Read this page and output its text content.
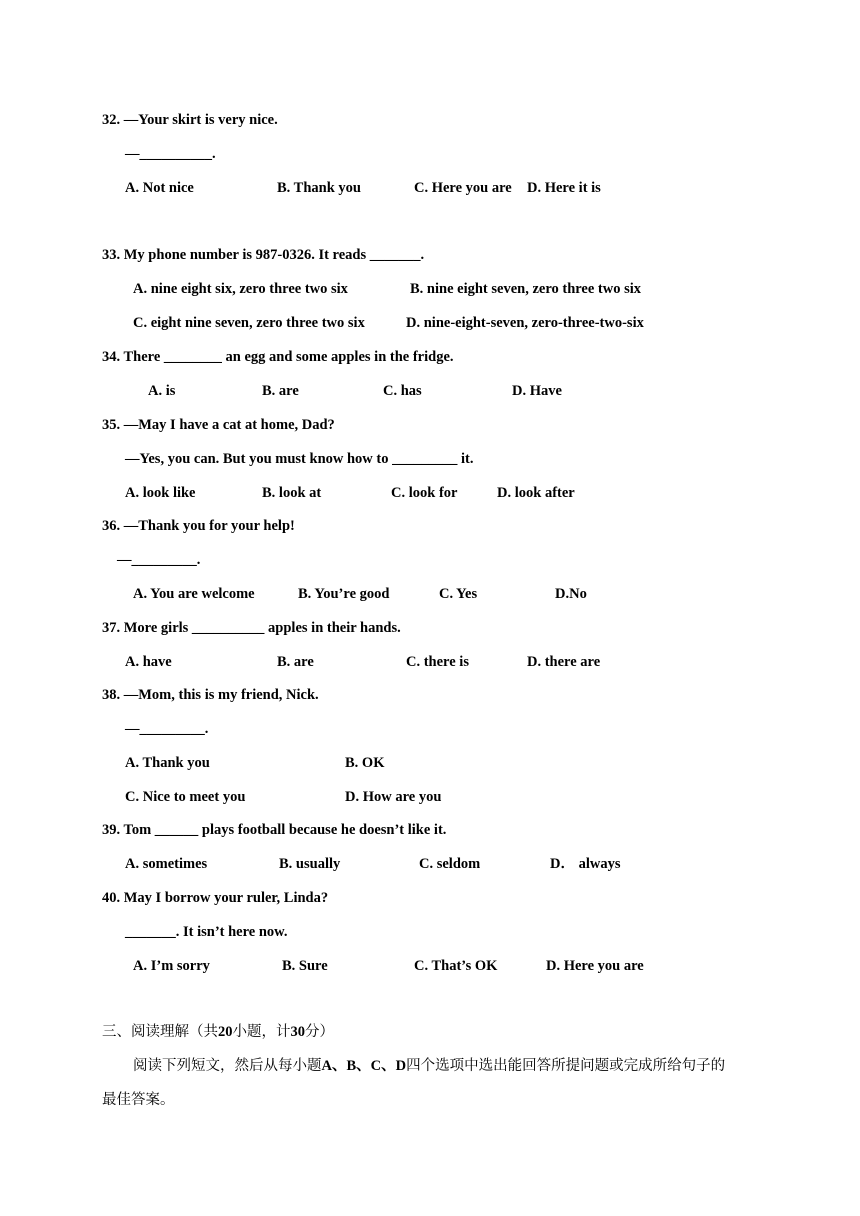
32. —Your skirt is very nice.
—__________.
A. Not nice	B. Thank you	C. Here you are D. Here it is
33. My phone number is 987-0326. It reads _______.
A. nine eight six, zero three two six	B. nine eight seven, zero three two six
C. eight nine seven, zero three two six	D. nine-eight-seven, zero-three-two-six
34. There ________ an egg and some apples in the fridge.
A. is	B. are	C. has	D. Have
35. —May I have a cat at home, Dad?
—Yes, you can. But you must know how to _________ it.
A. look like	B. look at	C. look for	D. look after
36. —Thank you for your help!
—_________.
A. You are welcome	B. You’re good	C. Yes	D.No
37. More girls __________ apples in their hands.
A. have	B. are	C. there is	D. there are
38. —Mom, this is my friend, Nick.
—_________.
A. Thank you	B. OK
C. Nice to meet you	D. How are you
39. Tom ______ plays football because he doesn’t like it.
A. sometimes	B. usually	C. seldom	D． always
40. May I borrow your ruler, Linda?
_______. It isn’t here now.
A. I’m sorry	B. Sure	C. That’s OK	D. Here you are
三、阅读理解（共20小题，计30分）
阅读下列短文，然后从每小题A、B、C、D四个选项中选出能回答所提问题或完成所给句子的
最佳答案。
